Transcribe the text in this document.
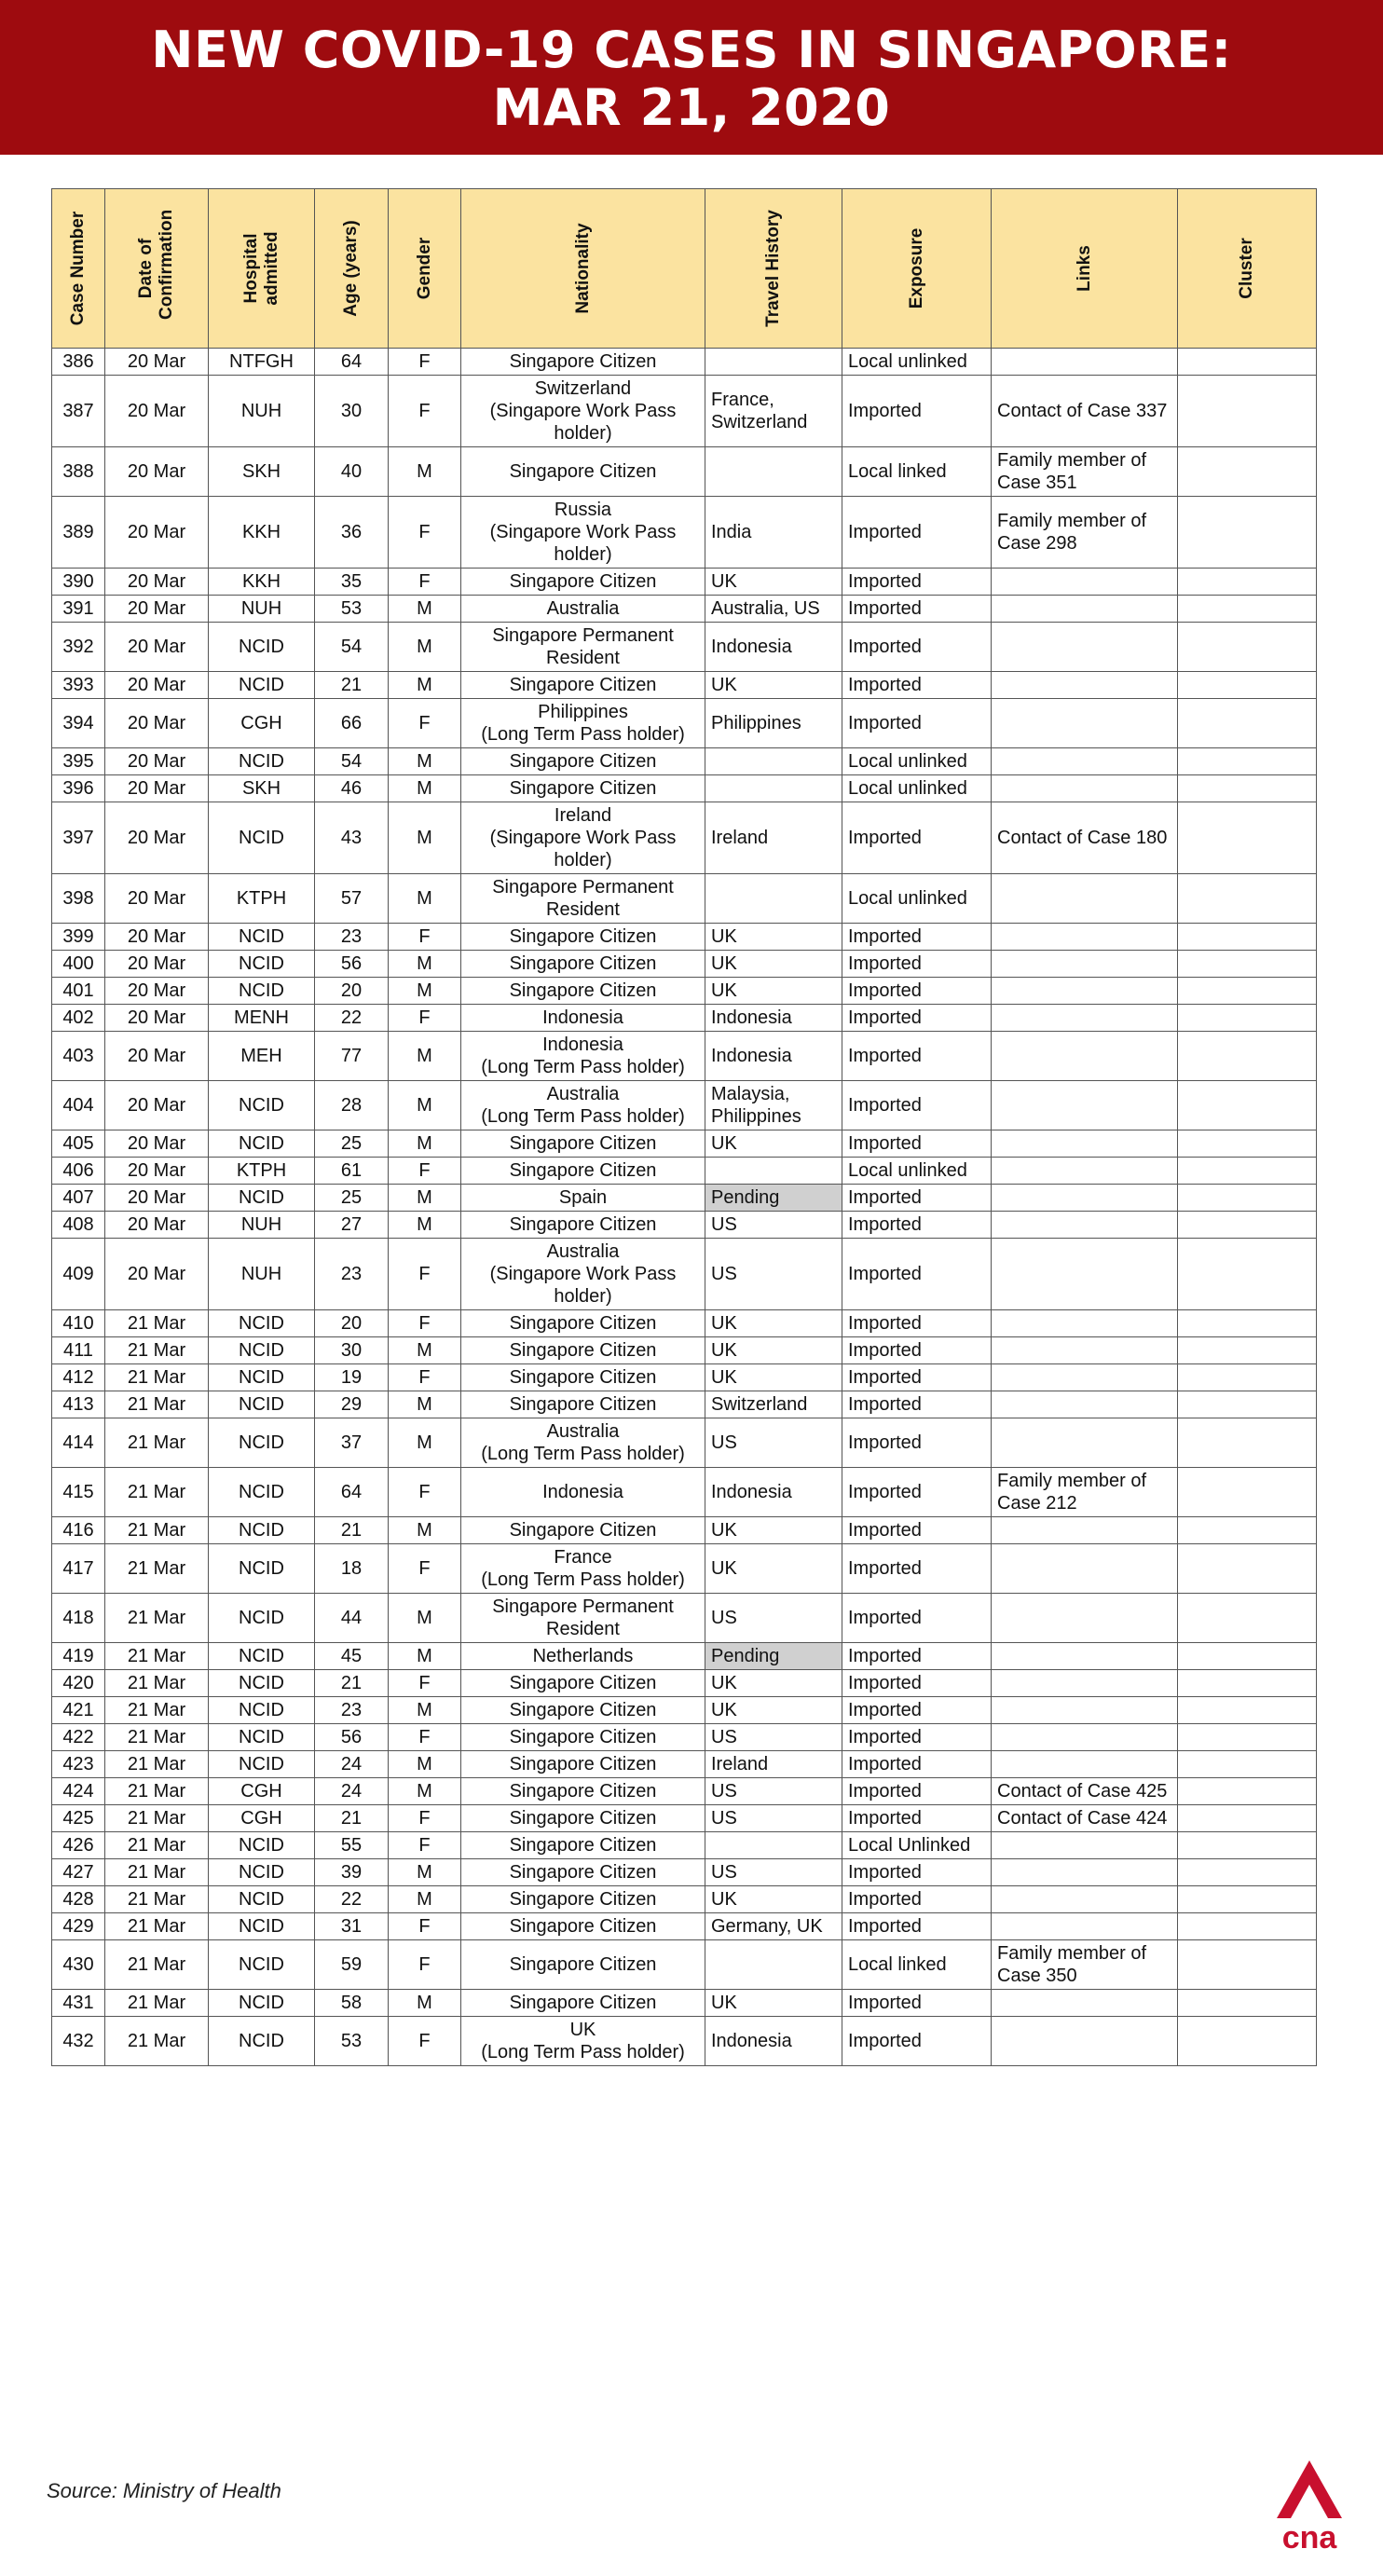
NEW COVID-19 CASES IN SINGAPORE:
MAR 21, 2020
Case Number	Date of Confirmation	Hospital admitted	Age (years)	Gender	Nationality	Travel History	Exposure	Links	Cluster

386	20 Mar	NTFGH	64	F	Singapore Citizen		Local unlinked		
387	20 Mar	NUH	30	F	Switzerland
(Singapore Work Pass holder)	France, Switzerland	Imported	Contact of Case 337	
388	20 Mar	SKH	40	M	Singapore Citizen		Local linked	Family member of Case 351	
389	20 Mar	KKH	36	F	Russia
(Singapore Work Pass holder)	India	Imported	Family member of Case 298	
390	20 Mar	KKH	35	F	Singapore Citizen	UK	Imported		
391	20 Mar	NUH	53	M	Australia	Australia, US	Imported		
392	20 Mar	NCID	54	M	Singapore Permanent Resident	Indonesia	Imported		
393	20 Mar	NCID	21	M	Singapore Citizen	UK	Imported		
394	20 Mar	CGH	66	F	Philippines
(Long Term Pass holder)	Philippines	Imported		
395	20 Mar	NCID	54	M	Singapore Citizen		Local unlinked		
396	20 Mar	SKH	46	M	Singapore Citizen		Local unlinked		
397	20 Mar	NCID	43	M	Ireland
(Singapore Work Pass holder)	Ireland	Imported	Contact of Case 180	
398	20 Mar	KTPH	57	M	Singapore Permanent Resident		Local unlinked		
399	20 Mar	NCID	23	F	Singapore Citizen	UK	Imported		
400	20 Mar	NCID	56	M	Singapore Citizen	UK	Imported		
401	20 Mar	NCID	20	M	Singapore Citizen	UK	Imported		
402	20 Mar	MENH	22	F	Indonesia	Indonesia	Imported		
403	20 Mar	MEH	77	M	Indonesia
(Long Term Pass holder)	Indonesia	Imported		
404	20 Mar	NCID	28	M	Australia
(Long Term Pass holder)	Malaysia, Philippines	Imported		
405	20 Mar	NCID	25	M	Singapore Citizen	UK	Imported		
406	20 Mar	KTPH	61	F	Singapore Citizen		Local unlinked		
407	20 Mar	NCID	25	M	Spain	Pending	Imported		
408	20 Mar	NUH	27	M	Singapore Citizen	US	Imported		
409	20 Mar	NUH	23	F	Australia
(Singapore Work Pass holder)	US	Imported		
410	21 Mar	NCID	20	F	Singapore Citizen	UK	Imported		
411	21 Mar	NCID	30	M	Singapore Citizen	UK	Imported		
412	21 Mar	NCID	19	F	Singapore Citizen	UK	Imported		
413	21 Mar	NCID	29	M	Singapore Citizen	Switzerland	Imported		
414	21 Mar	NCID	37	M	Australia
(Long Term Pass holder)	US	Imported		
415	21 Mar	NCID	64	F	Indonesia	Indonesia	Imported	Family member of Case 212	
416	21 Mar	NCID	21	M	Singapore Citizen	UK	Imported		
417	21 Mar	NCID	18	F	France
(Long Term Pass holder)	UK	Imported		
418	21 Mar	NCID	44	M	Singapore Permanent Resident	US	Imported		
419	21 Mar	NCID	45	M	Netherlands	Pending	Imported		
420	21 Mar	NCID	21	F	Singapore Citizen	UK	Imported		
421	21 Mar	NCID	23	M	Singapore Citizen	UK	Imported		
422	21 Mar	NCID	56	F	Singapore Citizen	US	Imported		
423	21 Mar	NCID	24	M	Singapore Citizen	Ireland	Imported		
424	21 Mar	CGH	24	M	Singapore Citizen	US	Imported	Contact of Case 425	
425	21 Mar	CGH	21	F	Singapore Citizen	US	Imported	Contact of Case 424	
426	21 Mar	NCID	55	F	Singapore Citizen		Local Unlinked		
427	21 Mar	NCID	39	M	Singapore Citizen	US	Imported		
428	21 Mar	NCID	22	M	Singapore Citizen	UK	Imported		
429	21 Mar	NCID	31	F	Singapore Citizen	Germany, UK	Imported		
430	21 Mar	NCID	59	F	Singapore Citizen		Local linked	Family member of Case 350	
431	21 Mar	NCID	58	M	Singapore Citizen	UK	Imported		
432	21 Mar	NCID	53	F	UK
(Long Term Pass holder)	Indonesia	Imported		
Source: Ministry of Health
cna
